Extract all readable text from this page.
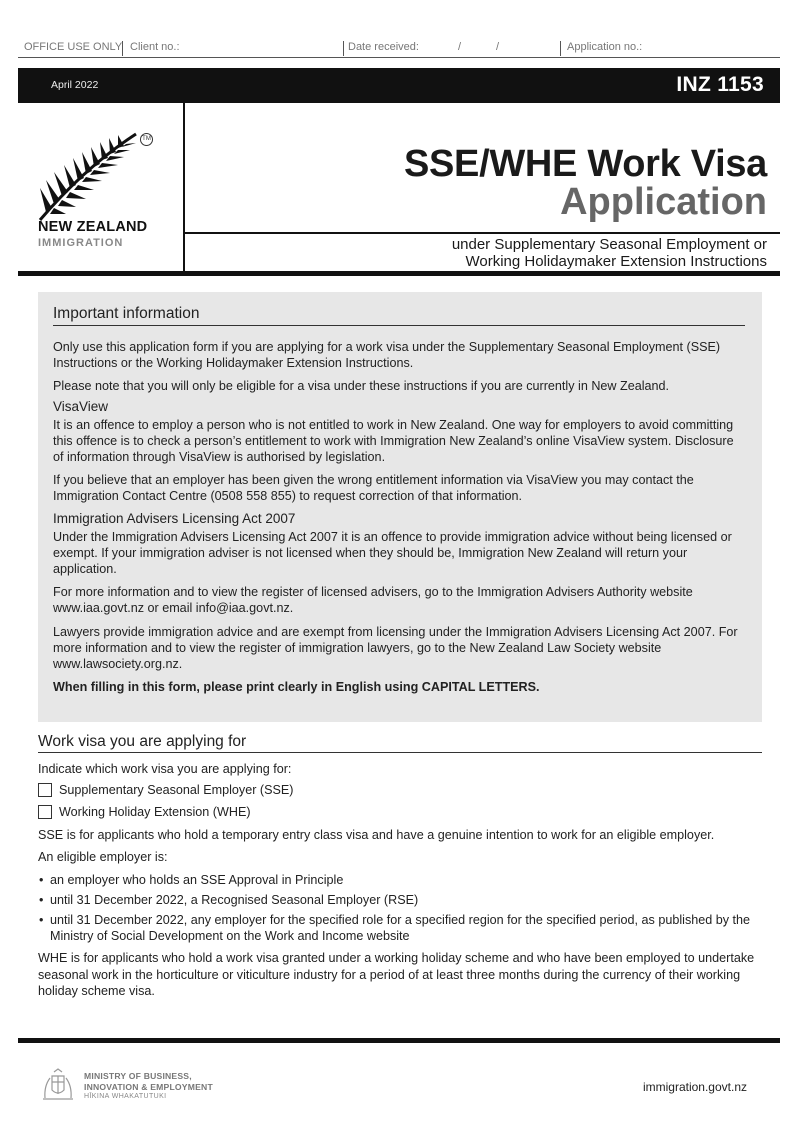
OFFICE USE ONLY Client no.:	Date received:	/	/	Application no.:
April 2022	INZ 1153
TM
NEW ZEALAND
IMMIGRATION
SSE/WHE Work Visa
Application
under Supplementary Seasonal Employment or
Working Holidaymaker Extension Instructions
Important information

Only use this application form if you are applying for a work visa under the Supplementary Seasonal Employment (SSE) Instructions or the Working Holidaymaker Extension Instructions.

Please note that you will only be eligible for a visa under these instructions if you are currently in New Zealand.

VisaView

It is an offence to employ a person who is not entitled to work in New Zealand. One way for employers to avoid committing this offence is to check a person’s entitlement to work with Immigration New Zealand’s online VisaView system. Disclosure of information through VisaView is authorised by legislation.

If you believe that an employer has been given the wrong entitlement information via VisaView you may contact the Immigration Contact Centre (0508 558 855) to request correction of that information.

Immigration Advisers Licensing Act 2007

Under the Immigration Advisers Licensing Act 2007 it is an offence to provide immigration advice without being licensed or exempt. If your immigration adviser is not licensed when they should be, Immigration New Zealand will return your application.

For more information and to view the register of licensed advisers, go to the Immigration Advisers Authority website www.iaa.govt.nz or email info@iaa.govt.nz.

Lawyers provide immigration advice and are exempt from licensing under the Immigration Advisers Licensing Act 2007. For more information and to view the register of immigration lawyers, go to the New Zealand Law Society website www.lawsociety.org.nz.

When filling in this form, please print clearly in English using CAPITAL LETTERS.

Work visa you are applying for

Indicate which work visa you are applying for:

Supplementary Seasonal Employer (SSE)
Working Holiday Extension (WHE)

SSE is for applicants who hold a temporary entry class visa and have a genuine intention to work for an eligible employer.

An eligible employer is:

• an employer who holds an SSE Approval in Principle
• until 31 December 2022, a Recognised Seasonal Employer (RSE)
• until 31 December 2022, any employer for the specified role for a specified region for the specified period, as published by the Ministry of Social Development on the Work and Income website

WHE is for applicants who hold a work visa granted under a working holiday scheme and who have been employed to undertake seasonal work in the horticulture or viticulture industry for a period of at least three months during the currency of their working holiday scheme visa.

MINISTRY OF BUSINESS,
INNOVATION & EMPLOYMENT
HĪKINA WHAKATUTUKI
immigration.govt.nz
